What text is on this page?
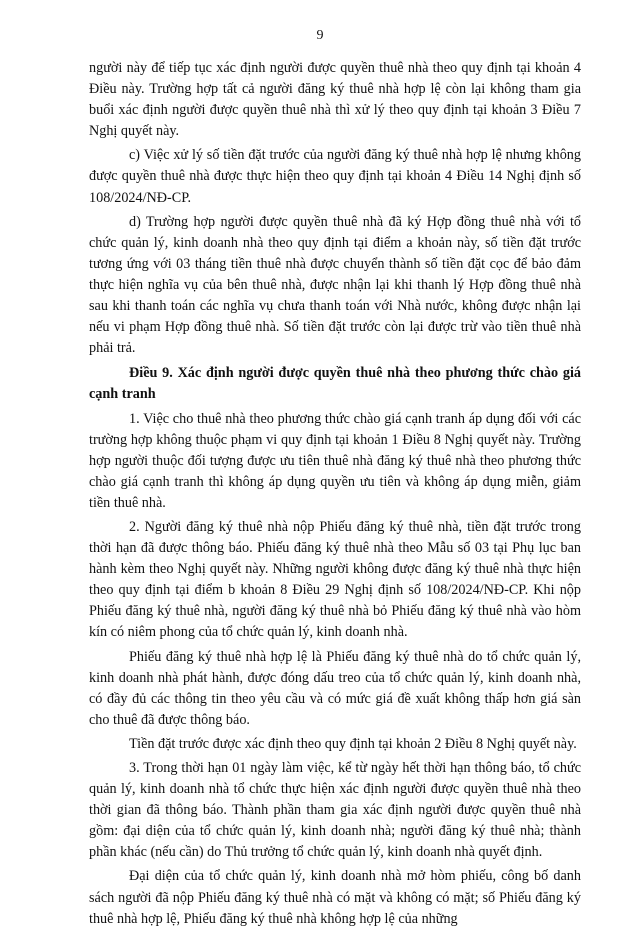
9

người này để tiếp tục xác định người được quyền thuê nhà theo quy định tại khoản 4 Điều này. Trường hợp tất cả người đăng ký thuê nhà hợp lệ còn lại không tham gia buổi xác định người được quyền thuê nhà thì xử lý theo quy định tại khoản 3 Điều 7 Nghị quyết này.

c) Việc xử lý số tiền đặt trước của người đăng ký thuê nhà hợp lệ nhưng không được quyền thuê nhà được thực hiện theo quy định tại khoản 4 Điều 14 Nghị định số 108/2024/NĐ-CP.

d) Trường hợp người được quyền thuê nhà đã ký Hợp đồng thuê nhà với tổ chức quản lý, kinh doanh nhà theo quy định tại điểm a khoản này, số tiền đặt trước tương ứng với 03 tháng tiền thuê nhà được chuyển thành số tiền đặt cọc để bảo đảm thực hiện nghĩa vụ của bên thuê nhà, được nhận lại khi thanh lý Hợp đồng thuê nhà sau khi thanh toán các nghĩa vụ chưa thanh toán với Nhà nước, không được nhận lại nếu vi phạm Hợp đồng thuê nhà. Số tiền đặt trước còn lại được trừ vào tiền thuê nhà phải trả.

Điều 9. Xác định người được quyền thuê nhà theo phương thức chào giá cạnh tranh

1. Việc cho thuê nhà theo phương thức chào giá cạnh tranh áp dụng đối với các trường hợp không thuộc phạm vi quy định tại khoản 1 Điều 8 Nghị quyết này. Trường hợp người thuộc đối tượng được ưu tiên thuê nhà đăng ký thuê nhà theo phương thức chào giá cạnh tranh thì không áp dụng quyền ưu tiên và không áp dụng miễn, giảm tiền thuê nhà.

2. Người đăng ký thuê nhà nộp Phiếu đăng ký thuê nhà, tiền đặt trước trong thời hạn đã được thông báo. Phiếu đăng ký thuê nhà theo Mẫu số 03 tại Phụ lục ban hành kèm theo Nghị quyết này. Những người không được đăng ký thuê nhà thực hiện theo quy định tại điểm b khoản 8 Điều 29 Nghị định số 108/2024/NĐ-CP. Khi nộp Phiếu đăng ký thuê nhà, người đăng ký thuê nhà bỏ Phiếu đăng ký thuê nhà vào hòm kín có niêm phong của tổ chức quản lý, kinh doanh nhà.

Phiếu đăng ký thuê nhà hợp lệ là Phiếu đăng ký thuê nhà do tổ chức quản lý, kinh doanh nhà phát hành, được đóng dấu treo của tổ chức quản lý, kinh doanh nhà, có đầy đủ các thông tin theo yêu cầu và có mức giá đề xuất không thấp hơn giá sàn cho thuê đã được thông báo.

Tiền đặt trước được xác định theo quy định tại khoản 2 Điều 8 Nghị quyết này.

3. Trong thời hạn 01 ngày làm việc, kể từ ngày hết thời hạn thông báo, tổ chức quản lý, kinh doanh nhà tổ chức thực hiện xác định người được quyền thuê nhà theo thời gian đã thông báo. Thành phần tham gia xác định người được quyền thuê nhà gồm: đại diện của tổ chức quản lý, kinh doanh nhà; người đăng ký thuê nhà; thành phần khác (nếu cần) do Thủ trưởng tổ chức quản lý, kinh doanh nhà quyết định.

Đại diện của tổ chức quản lý, kinh doanh nhà mở hòm phiếu, công bố danh sách người đã nộp Phiếu đăng ký thuê nhà có mặt và không có mặt; số Phiếu đăng ký thuê nhà hợp lệ, Phiếu đăng ký thuê nhà không hợp lệ của những
